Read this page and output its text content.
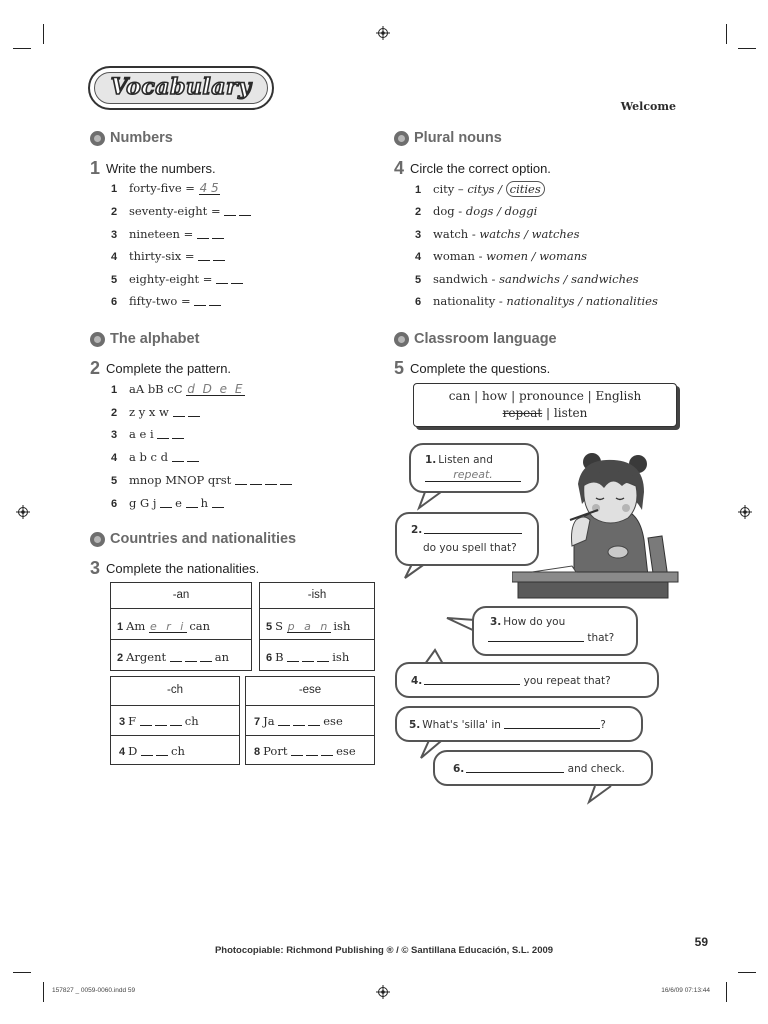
Vocabulary
Welcome
Numbers
1 Write the numbers.
1 forty-five = 4 5
2 seventy-eight =
3 nineteen =
4 thirty-six =
5 eighty-eight =
6 fifty-two =
The alphabet
2 Complete the pattern.
1 aA bB cC d D e E
2 z y x w
3 a e i
4 a b c d
5 mnop MNOP qrst
6 g G j e h
Countries and nationalities
3 Complete the nationalities.
-an
1 Am e r i can
2 Argent	an
-ish
5 S p a n ish
6 B	ish
-ch
3 F	ch
4 D	ch
-ese
7 Ja	ese
8 Port	ese
Plural nouns
4 Circle the correct option.
1 city – citys / cities
2 dog - dogs / doggi
3 watch - watchs / watches
4 woman - women / womans
5 sandwich - sandwichs / sandwiches
6 nationality - nationalitys / nationalities
Classroom language
5 Complete the questions.
can | how | pronounce | English
repeat | listen
1. Listen and
repeat.
2.
do you spell that?
3. How do you
that?
4.	you repeat that?
5. What's 'silla' in	?
6.	and check.
59
Photocopiable: Richmond Publishing ® / © Santillana Educación, S.L. 2009
157827 _ 0059-0060.indd 59	16/6/09 07:13:44
